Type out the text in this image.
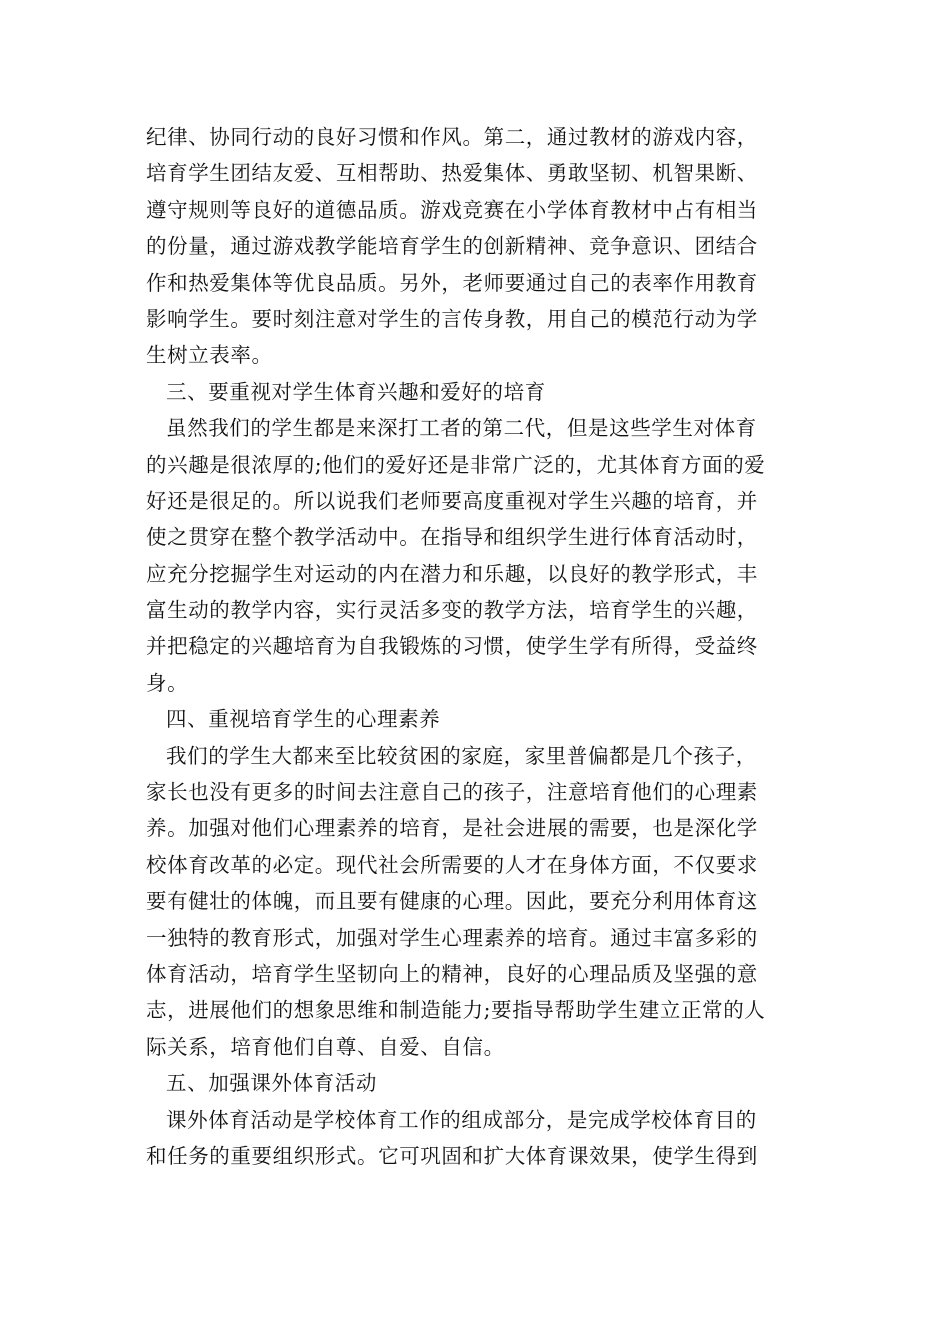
纪律、协同行动的良好习惯和作风。第二，通过教材的游戏内容，
培育学生团结友爱、互相帮助、热爱集体、勇敢坚韧、机智果断、
遵守规则等良好的道德品质。游戏竞赛在小学体育教材中占有相当
的份量，通过游戏教学能培育学生的创新精神、竞争意识、团结合
作和热爱集体等优良品质。另外，老师要通过自己的表率作用教育
影响学生。要时刻注意对学生的言传身教，用自己的模范行动为学
生树立表率。
三、要重视对学生体育兴趣和爱好的培育
虽然我们的学生都是来深打工者的第二代，但是这些学生对体育
的兴趣是很浓厚的;他们的爱好还是非常广泛的，尤其体育方面的爱
好还是很足的。所以说我们老师要高度重视对学生兴趣的培育，并
使之贯穿在整个教学活动中。在指导和组织学生进行体育活动时，
应充分挖掘学生对运动的内在潜力和乐趣，以良好的教学形式，丰
富生动的教学内容，实行灵活多变的教学方法，培育学生的兴趣，
并把稳定的兴趣培育为自我锻炼的习惯，使学生学有所得，受益终
身。
四、重视培育学生的心理素养
我们的学生大都来至比较贫困的家庭，家里普偏都是几个孩子，
家长也没有更多的时间去注意自己的孩子，注意培育他们的心理素
养。加强对他们心理素养的培育，是社会进展的需要，也是深化学
校体育改革的必定。现代社会所需要的人才在身体方面，不仅要求
要有健壮的体魄，而且要有健康的心理。因此，要充分利用体育这
一独特的教育形式，加强对学生心理素养的培育。通过丰富多彩的
体育活动，培育学生坚韧向上的精神，良好的心理品质及坚强的意
志，进展他们的想象思维和制造能力;要指导帮助学生建立正常的人
际关系，培育他们自尊、自爱、自信。
五、加强课外体育活动
课外体育活动是学校体育工作的组成部分，是完成学校体育目的
和任务的重要组织形式。它可巩固和扩大体育课效果，使学生得到
